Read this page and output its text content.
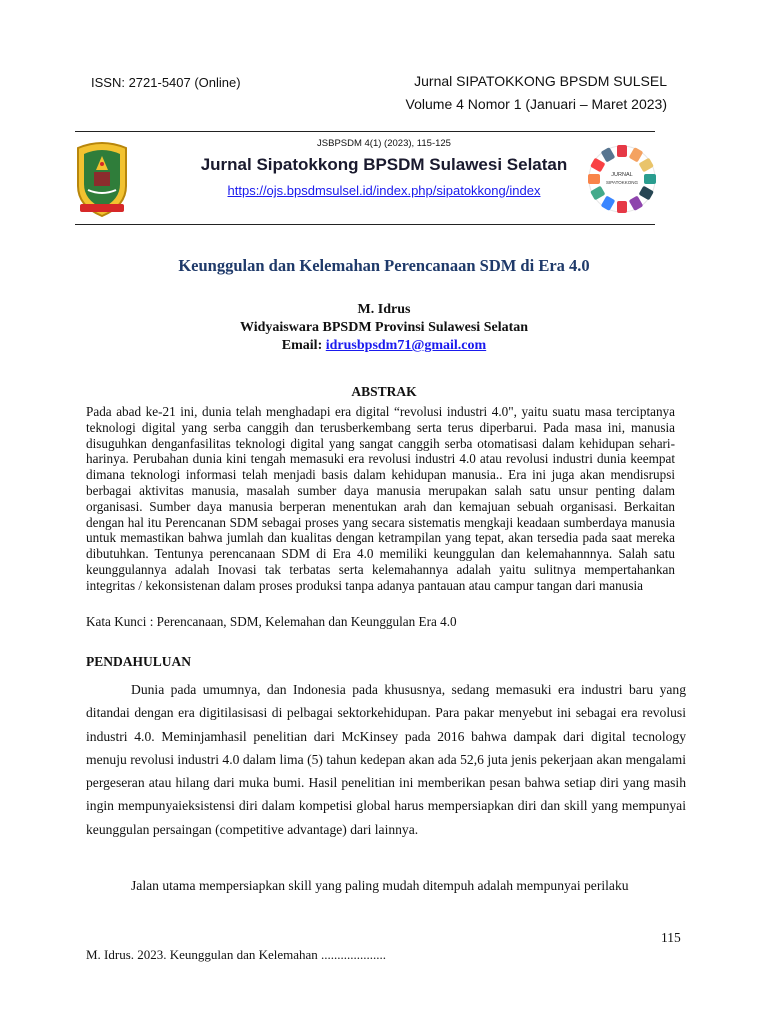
ISSN: 2721-5407 (Online)	Jurnal SIPATOKKONG BPSDM SULSEL
Volume 4 Nomor 1 (Januari – Maret 2023)
JSBPSDM 4(1) (2023), 115-125
Jurnal Sipatokkong BPSDM Sulawesi Selatan
https://ojs.bpsdmsulsel.id/index.php/sipatokkong/index
JURNAL
SIPATOKKONG
Keunggulan dan Kelemahan Perencanaan SDM di Era 4.0
M. Idrus
Widyaiswara BPSDM Provinsi Sulawesi Selatan
Email: idrusbpsdm71@gmail.com
ABSTRAK
Pada abad ke-21 ini, dunia telah menghadapi era digital “revolusi industri 4.0", yaitu suatu masa terciptanya teknologi digital yang serba canggih dan terusberkembang serta terus diperbarui. Pada masa ini, manusia disuguhkan denganfasilitas teknologi digital yang sangat canggih serba otomatisasi dalam kehidupan sehari-harinya. Perubahan dunia kini tengah memasuki era revolusi industri 4.0 atau revolusi industri dunia keempat dimana teknologi informasi telah menjadi basis dalam kehidupan manusia.. Era ini juga akan mendisrupsi berbagai aktivitas manusia, masalah sumber daya manusia merupakan salah satu unsur penting dalam organisasi. Sumber daya manusia berperan menentukan arah dan kemajuan sebuah organisasi. Berkaitan dengan hal itu Perencanan SDM sebagai proses yang secara sistematis mengkaji keadaan sumberdaya manusia untuk memastikan bahwa jumlah dan kualitas dengan ketrampilan yang tepat, akan tersedia pada saat mereka dibutuhkan. Tentunya perencanaan SDM di Era 4.0 memiliki keunggulan dan kelemahannnya. Salah satu keunggulannya adalah Inovasi tak terbatas serta kelemahannya adalah yaitu sulitnya mempertahankan integritas / kekonsistenan dalam proses produksi tanpa adanya pantauan atau campur tangan dari manusia
Kata Kunci : Perencanaan, SDM, Kelemahan dan Keunggulan Era 4.0
PENDAHULUAN

Dunia pada umumnya, dan Indonesia pada khususnya, sedang memasuki era industri baru yang ditandai dengan era digitilasisasi di pelbagai sektorkehidupan. Para pakar menyebut ini sebagai era revolusi industri 4.0. Meminjamhasil penelitian dari McKinsey pada 2016 bahwa dampak dari digital tecnology menuju revolusi industri 4.0 dalam lima (5) tahun kedepan akan ada 52,6 juta jenis pekerjaan akan mengalami pergeseran atau hilang dari muka bumi. Hasil penelitian ini memberikan pesan bahwa setiap diri yang masih ingin mempunyaieksistensi diri dalam kompetisi global harus mempersiapkan diri dan skill yang mempunyai keunggulan persaingan (competitive advantage) dari lainnya.

Jalan utama mempersiapkan skill yang paling mudah ditempuh adalah mempunyai perilaku
115
M. Idrus. 2023. Keunggulan dan Kelemahan ....................
